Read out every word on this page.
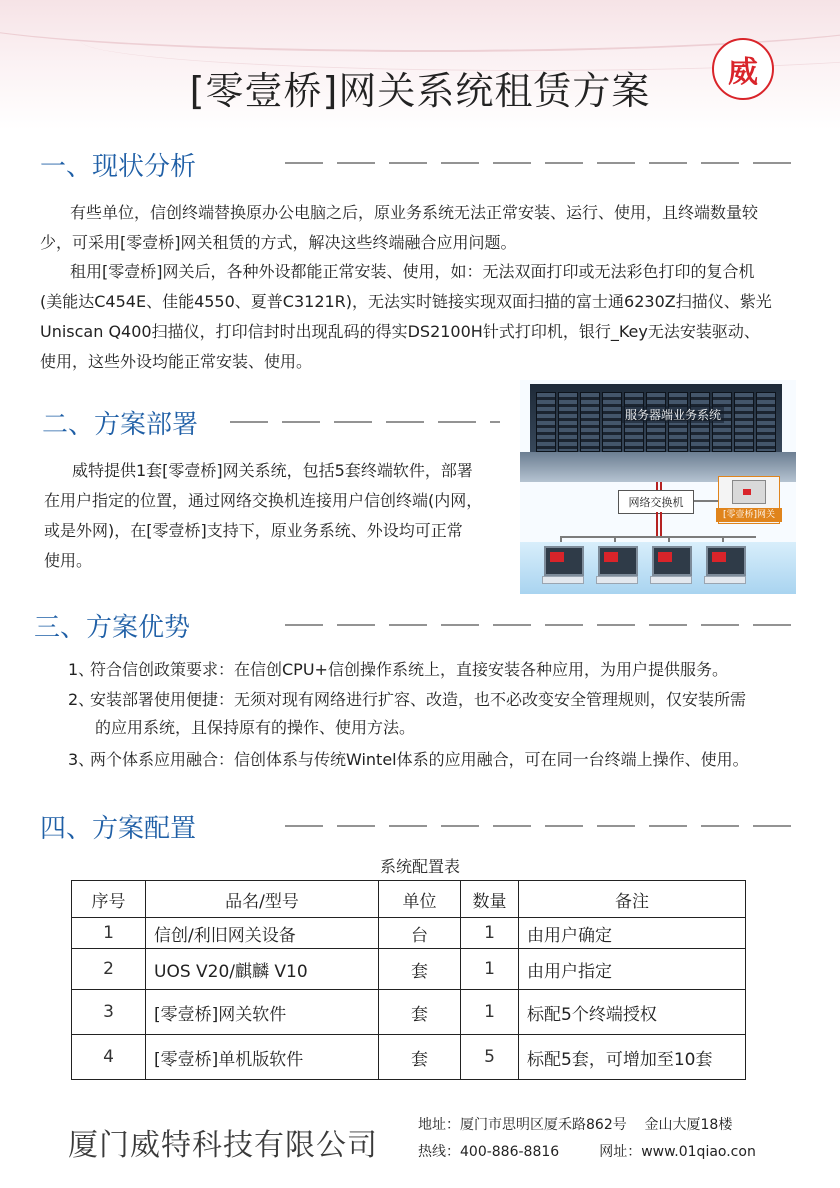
威
[零壹桥]网关系统租赁方案
一、现状分析
有些单位，信创终端替换原办公电脑之后，原业务系统无法正常安装、运行、使用，且终端数量较
少，可采用[零壹桥]网关租赁的方式，解决这些终端融合应用问题。
租用[零壹桥]网关后，各种外设都能正常安装、使用，如：无法双面打印或无法彩色打印的复合机
(美能达C454E、佳能4550、夏普C3121R)，无法实时链接实现双面扫描的富士通6230Z扫描仪、紫光
Uniscan Q400扫描仪，打印信封时出现乱码的得实DS2100H针式打印机，银行_Key无法安装驱动、
使用，这些外设均能正常安装、使用。
二、方案部署
威特提供1套[零壹桥]网关系统，包括5套终端软件，部署
在用户指定的位置，通过网络交换机连接用户信创终端(内网，
或是外网)，在[零壹桥]支持下，原业务系统、外设均可正常
使用。
服务器端业务系统
网络交换机
[零壹桥]网关
三、方案优势
1、符合信创政策要求：在信创CPU+信创操作系统上，直接安装各种应用，为用户提供服务。
2、安装部署使用便捷：无须对现有网络进行扩容、改造，也不必改变安全管理规则，仅安装所需
的应用系统，且保持原有的操作、使用方法。
3、两个体系应用融合：信创体系与传统Wintel体系的应用融合，可在同一台终端上操作、使用。
四、方案配置
系统配置表
序号	品名/型号	单位	数量	备注
1	信创/利旧网关设备	台	1	由用户确定
2	UOS V20/麒麟 V10	套	1	由用户指定
3	[零壹桥]网关软件	套	1	标配5个终端授权
4	[零壹桥]单机版软件	套	5	标配5套，可增加至10套
厦门威特科技有限公司
地址：厦门市思明区厦禾路862号    金山大厦18楼
热线：400-886-8816         网址：www.01qiao.con
